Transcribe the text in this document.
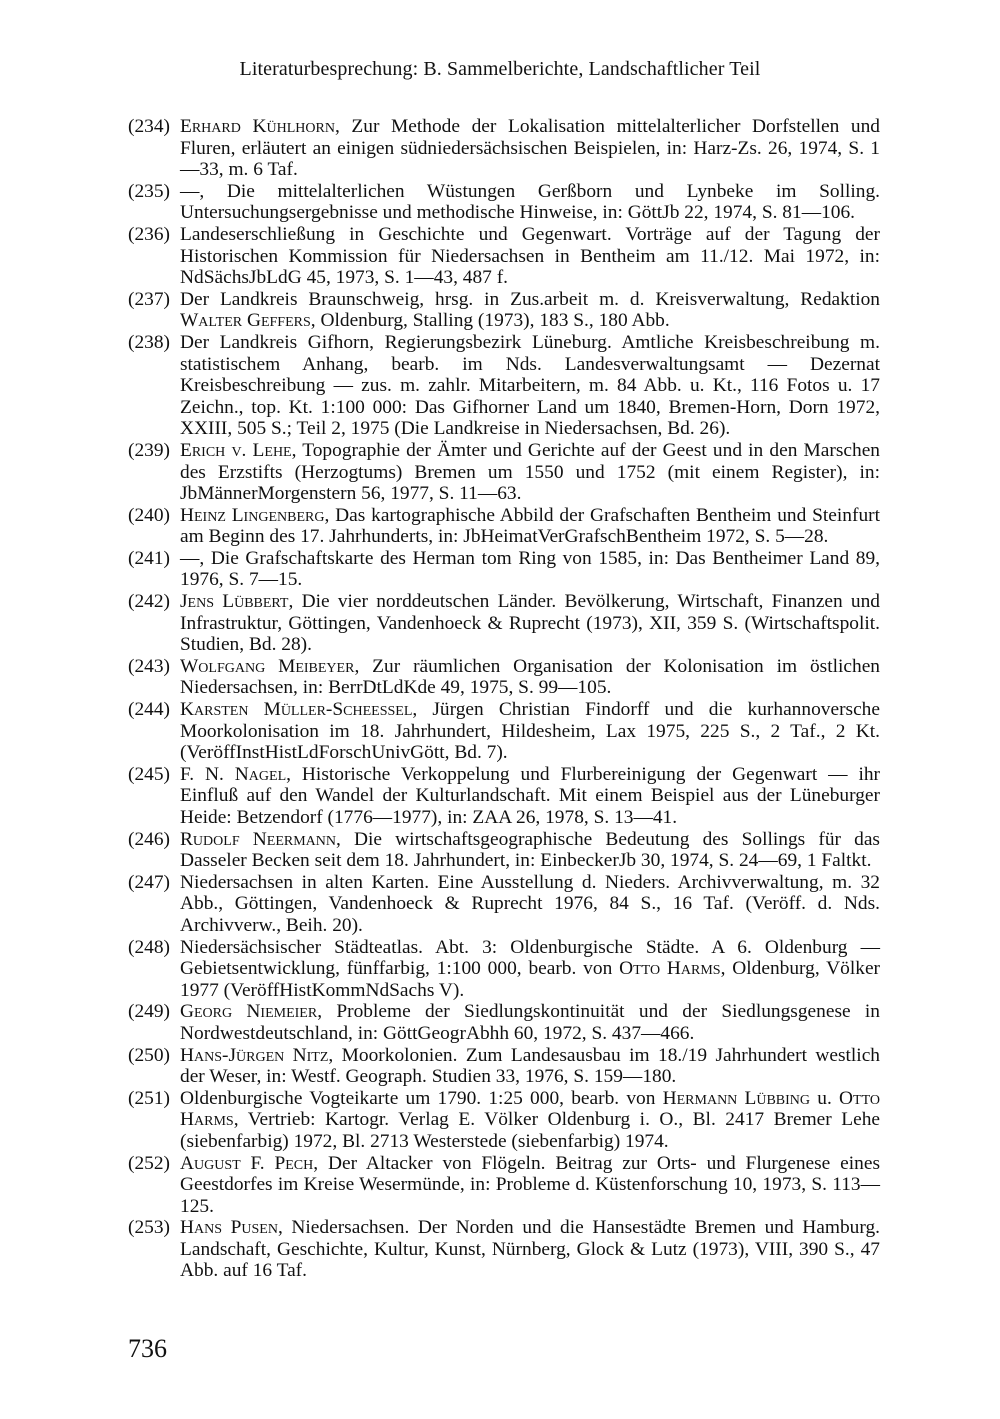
Literaturbesprechung: B. Sammelberichte, Landschaftlicher Teil
(234) Erhard Kühlhorn, Zur Methode der Lokalisation mittelalterlicher Dorfstellen und Fluren, erläutert an einigen südniedersächsischen Beispielen, in: Harz-Zs. 26, 1974, S. 1—33, m. 6 Taf.
(235) —, Die mittelalterlichen Wüstungen Gerßborn und Lynbeke im Solling. Untersuchungsergebnisse und methodische Hinweise, in: GöttJb 22, 1974, S. 81—106.
(236) Landeserschließung in Geschichte und Gegenwart. Vorträge auf der Tagung der Historischen Kommission für Niedersachsen in Bentheim am 11./12. Mai 1972, in: NdSächsJbLdG 45, 1973, S. 1—43, 487 f.
(237) Der Landkreis Braunschweig, hrsg. in Zus.arbeit m. d. Kreisverwaltung, Redaktion Walter Geffers, Oldenburg, Stalling (1973), 183 S., 180 Abb.
(238) Der Landkreis Gifhorn, Regierungsbezirk Lüneburg. Amtliche Kreisbeschreibung m. statistischem Anhang, bearb. im Nds. Landesverwaltungsamt — Dezernat Kreisbeschreibung — zus. m. zahlr. Mitarbeitern, m. 84 Abb. u. Kt., 116 Fotos u. 17 Zeichn., top. Kt. 1:100 000: Das Gifhorner Land um 1840, Bremen-Horn, Dorn 1972, XXIII, 505 S.; Teil 2, 1975 (Die Landkreise in Niedersachsen, Bd. 26).
(239) Erich v. Lehe, Topographie der Ämter und Gerichte auf der Geest und in den Marschen des Erzstifts (Herzogtums) Bremen um 1550 und 1752 (mit einem Register), in: JbMännerMorgenstern 56, 1977, S. 11—63.
(240) Heinz Lingenberg, Das kartographische Abbild der Grafschaften Bentheim und Steinfurt am Beginn des 17. Jahrhunderts, in: JbHeimatVerGrafschBentheim 1972, S. 5—28.
(241) —, Die Grafschaftskarte des Herman tom Ring von 1585, in: Das Bentheimer Land 89, 1976, S. 7—15.
(242) Jens Lübbert, Die vier norddeutschen Länder. Bevölkerung, Wirtschaft, Finanzen und Infrastruktur, Göttingen, Vandenhoeck & Ruprecht (1973), XII, 359 S. (Wirtschaftspolit. Studien, Bd. 28).
(243) Wolfgang Meibeyer, Zur räumlichen Organisation der Kolonisation im östlichen Niedersachsen, in: BerrDtLdKde 49, 1975, S. 99—105.
(244) Karsten Müller-Scheessel, Jürgen Christian Findorff und die kurhannoversche Moorkolonisation im 18. Jahrhundert, Hildesheim, Lax 1975, 225 S., 2 Taf., 2 Kt. (VeröffInstHistLdForschUnivGött, Bd. 7).
(245) F. N. Nagel, Historische Verkoppelung und Flurbereinigung der Gegenwart — ihr Einfluß auf den Wandel der Kulturlandschaft. Mit einem Beispiel aus der Lüneburger Heide: Betzendorf (1776—1977), in: ZAA 26, 1978, S. 13—41.
(246) Rudolf Neermann, Die wirtschaftsgeographische Bedeutung des Sollings für das Dasseler Becken seit dem 18. Jahrhundert, in: EinbeckerJb 30, 1974, S. 24—69, 1 Faltkt.
(247) Niedersachsen in alten Karten. Eine Ausstellung d. Nieders. Archivverwaltung, m. 32 Abb., Göttingen, Vandenhoeck & Ruprecht 1976, 84 S., 16 Taf. (Veröff. d. Nds. Archivverw., Beih. 20).
(248) Niedersächsischer Städteatlas. Abt. 3: Oldenburgische Städte. A 6. Oldenburg — Gebietsentwicklung, fünffarbig, 1:100 000, bearb. von Otto Harms, Oldenburg, Völker 1977 (VeröffHistKommNdSachs V).
(249) Georg Niemeier, Probleme der Siedlungskontinuität und der Siedlungsgenese in Nordwestdeutschland, in: GöttGeogrAbhh 60, 1972, S. 437—466.
(250) Hans-Jürgen Nitz, Moorkolonien. Zum Landesausbau im 18./19 Jahrhundert westlich der Weser, in: Westf. Geograph. Studien 33, 1976, S. 159—180.
(251) Oldenburgische Vogteikarte um 1790. 1:25 000, bearb. von Hermann Lübbing u. Otto Harms, Vertrieb: Kartogr. Verlag E. Völker Oldenburg i. O., Bl. 2417 Bremer Lehe (siebenfarbig) 1972, Bl. 2713 Westerstede (siebenfarbig) 1974.
(252) August F. Pech, Der Altacker von Flögeln. Beitrag zur Orts- und Flurgenese eines Geestdorfes im Kreise Wesermünde, in: Probleme d. Küstenforschung 10, 1973, S. 113—125.
(253) Hans Pusen, Niedersachsen. Der Norden und die Hansestädte Bremen und Hamburg. Landschaft, Geschichte, Kultur, Kunst, Nürnberg, Glock & Lutz (1973), VIII, 390 S., 47 Abb. auf 16 Taf.
736
